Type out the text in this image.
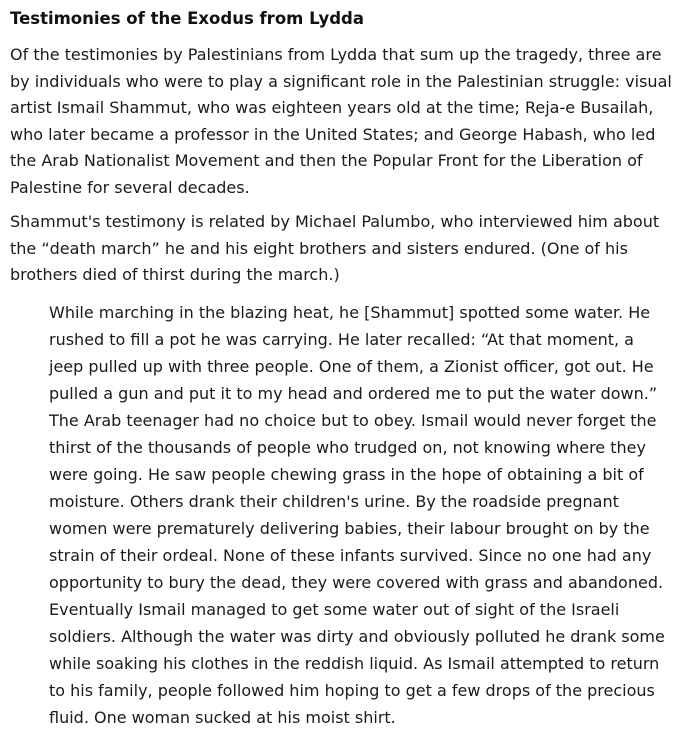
Testimonies of the Exodus from Lydda

Of the testimonies by Palestinians from Lydda that sum up the tragedy, three are by individuals who were to play a significant role in the Palestinian struggle: visual artist Ismail Shammut, who was eighteen years old at the time; Reja-e Busailah, who later became a professor in the United States; and George Habash, who led the Arab Nationalist Movement and then the Popular Front for the Liberation of Palestine for several decades.

Shammut's testimony is related by Michael Palumbo, who interviewed him about the “death march” he and his eight brothers and sisters endured. (One of his brothers died of thirst during the march.)

While marching in the blazing heat, he [Shammut] spotted some water. He rushed to fill a pot he was carrying. He later recalled: “At that moment, a jeep pulled up with three people. One of them, a Zionist officer, got out. He pulled a gun and put it to my head and ordered me to put the water down.” The Arab teenager had no choice but to obey. Ismail would never forget the thirst of the thousands of people who trudged on, not knowing where they were going. He saw people chewing grass in the hope of obtaining a bit of moisture. Others drank their children's urine. By the roadside pregnant women were prematurely delivering babies, their labour brought on by the strain of their ordeal. None of these infants survived. Since no one had any opportunity to bury the dead, they were covered with grass and abandoned. Eventually Ismail managed to get some water out of sight of the Israeli soldiers. Although the water was dirty and obviously polluted he drank some while soaking his clothes in the reddish liquid. As Ismail attempted to return to his family, people followed him hoping to get a few drops of the precious fluid. One woman sucked at his moist shirt.
